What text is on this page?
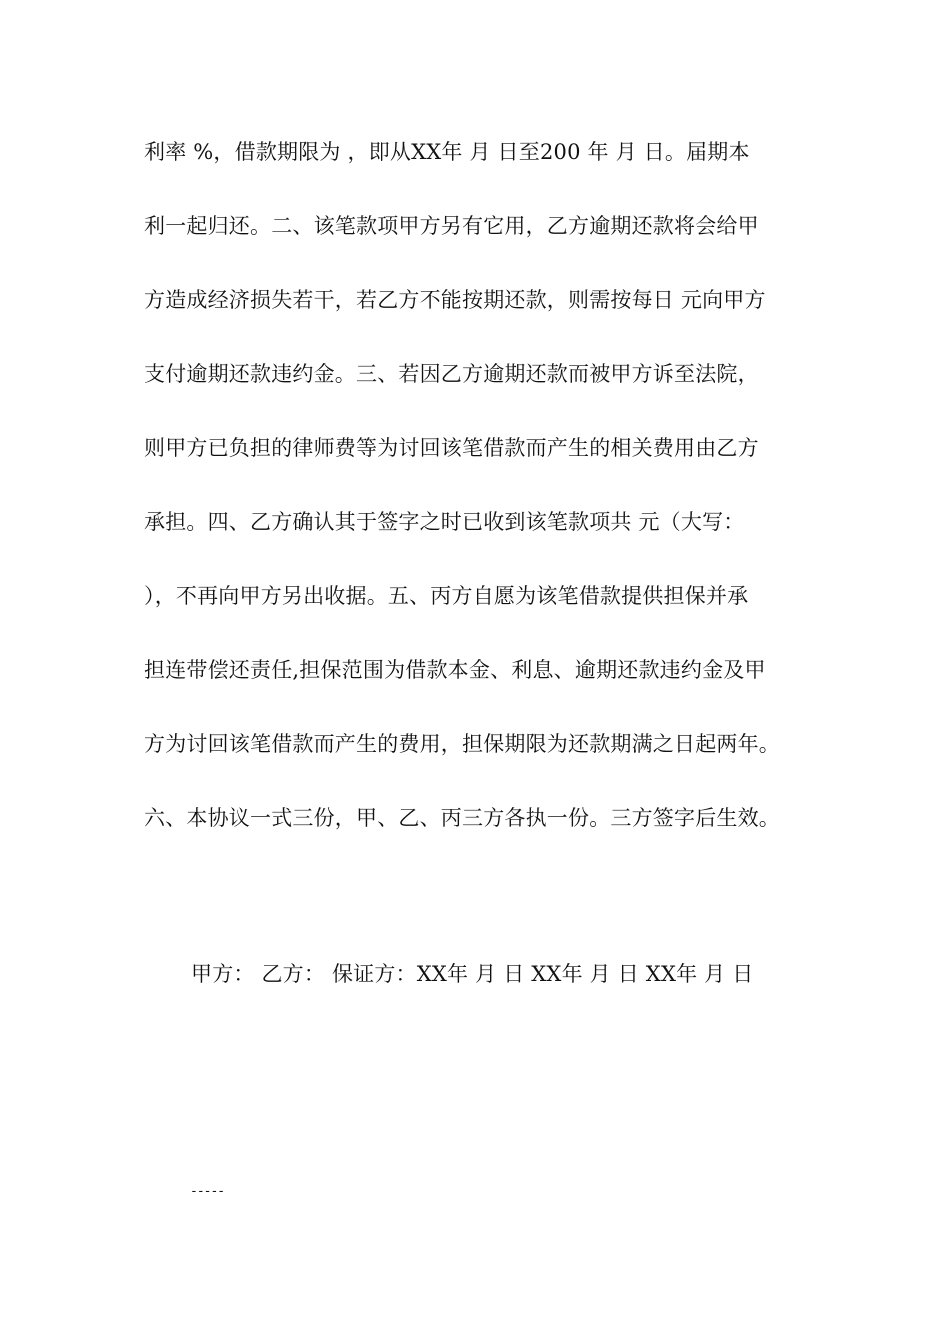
利率 %，借款期限为 ，即从XX年 月 日至200 年 月 日。届期本
利一起归还。二、该笔款项甲方另有它用，乙方逾期还款将会给甲
方造成经济损失若干，若乙方不能按期还款，则需按每日 元向甲方
支付逾期还款违约金。三、若因乙方逾期还款而被甲方诉至法院，
则甲方已负担的律师费等为讨回该笔借款而产生的相关费用由乙方
承担。四、乙方确认其于签字之时已收到该笔款项共 元（大写：
），不再向甲方另出收据。五、丙方自愿为该笔借款提供担保并承
担连带偿还责任,担保范围为借款本金、利息、逾期还款违约金及甲
方为讨回该笔借款而产生的费用，担保期限为还款期满之日起两年。
六、本协议一式三份，甲、乙、丙三方各执一份。三方签字后生效。
甲方： 乙方： 保证方：XX年 月 日 XX年 月 日 XX年 月 日
-----
